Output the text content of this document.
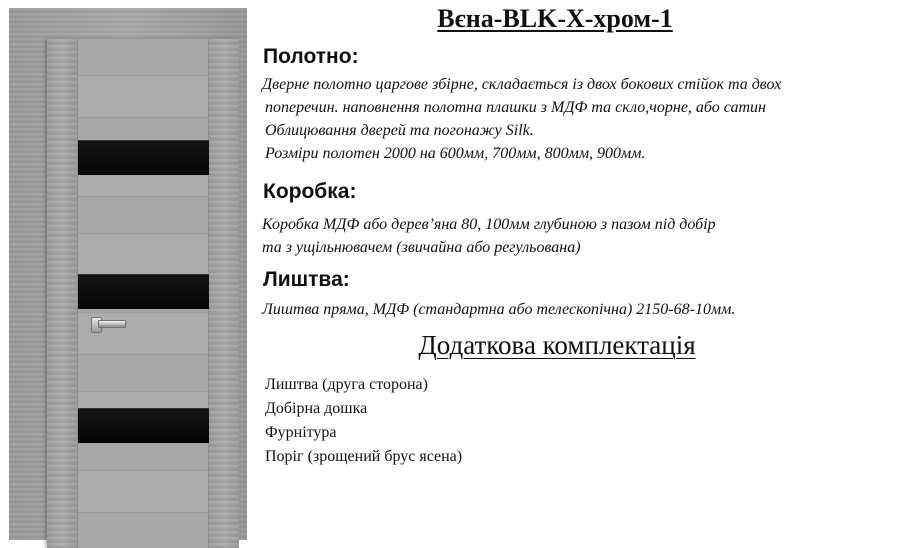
Вєна-BLK-X-хром-1
Полотно:
Дверне полотно царгове збірне, складається із двох бокових стійок та двох
поперечин. наповнення полотна плашки з МДФ та скло,чорне, або сатин
Облицювання дверей та погонажу Silk.
Розміри полотен 2000 на 600мм, 700мм, 800мм, 900мм.
Коробка:
Коробка МДФ або дерев’яна 80, 100мм глубиною з пазом під добір
та з ущільнювачем (звичайна або регульована)
Лиштва:
Лиштва пряма, МДФ (стандартна або телескопічна) 2150-68-10мм.
Додаткова комплектація
Лиштва (друга сторона)
Добірна дошка
Фурнітура
Поріг (зрощений брус ясена)
